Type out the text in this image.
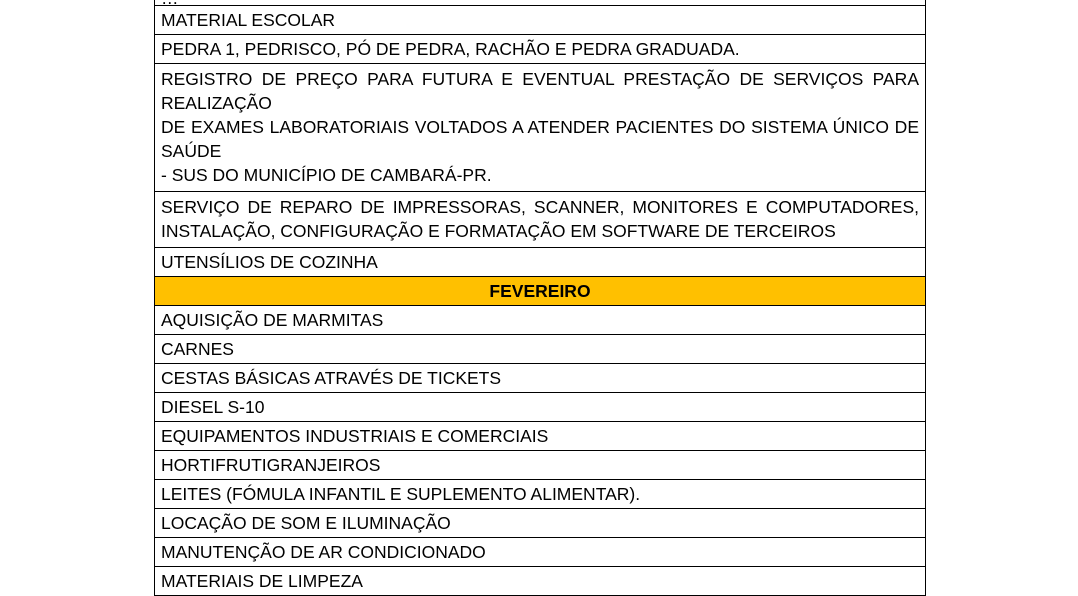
MATERIAL ESCOLAR
PEDRA 1, PEDRISCO, PÓ DE PEDRA, RACHÃO E PEDRA GRADUADA.
REGISTRO DE PREÇO PARA FUTURA E EVENTUAL PRESTAÇÃO DE SERVIÇOS PARA REALIZAÇÃO
DE EXAMES LABORATORIAIS VOLTADOS A ATENDER PACIENTES DO SISTEMA ÚNICO DE SAÚDE
- SUS DO MUNICÍPIO DE CAMBARÁ-PR.
SERVIÇO DE REPARO DE IMPRESSORAS, SCANNER, MONITORES E COMPUTADORES,
INSTALAÇÃO, CONFIGURAÇÃO E FORMATAÇÃO EM SOFTWARE DE TERCEIROS
UTENSÍLIOS DE COZINHA
FEVEREIRO
AQUISIÇÃO DE MARMITAS
CARNES
CESTAS BÁSICAS ATRAVÉS DE TICKETS
DIESEL S-10
EQUIPAMENTOS INDUSTRIAIS E COMERCIAIS
HORTIFRUTIGRANJEIROS
LEITES (FÓMULA INFANTIL E SUPLEMENTO ALIMENTAR).
LOCAÇÃO DE SOM E ILUMINAÇÃO
MANUTENÇÃO DE AR CONDICIONADO
MATERIAIS DE LIMPEZA
